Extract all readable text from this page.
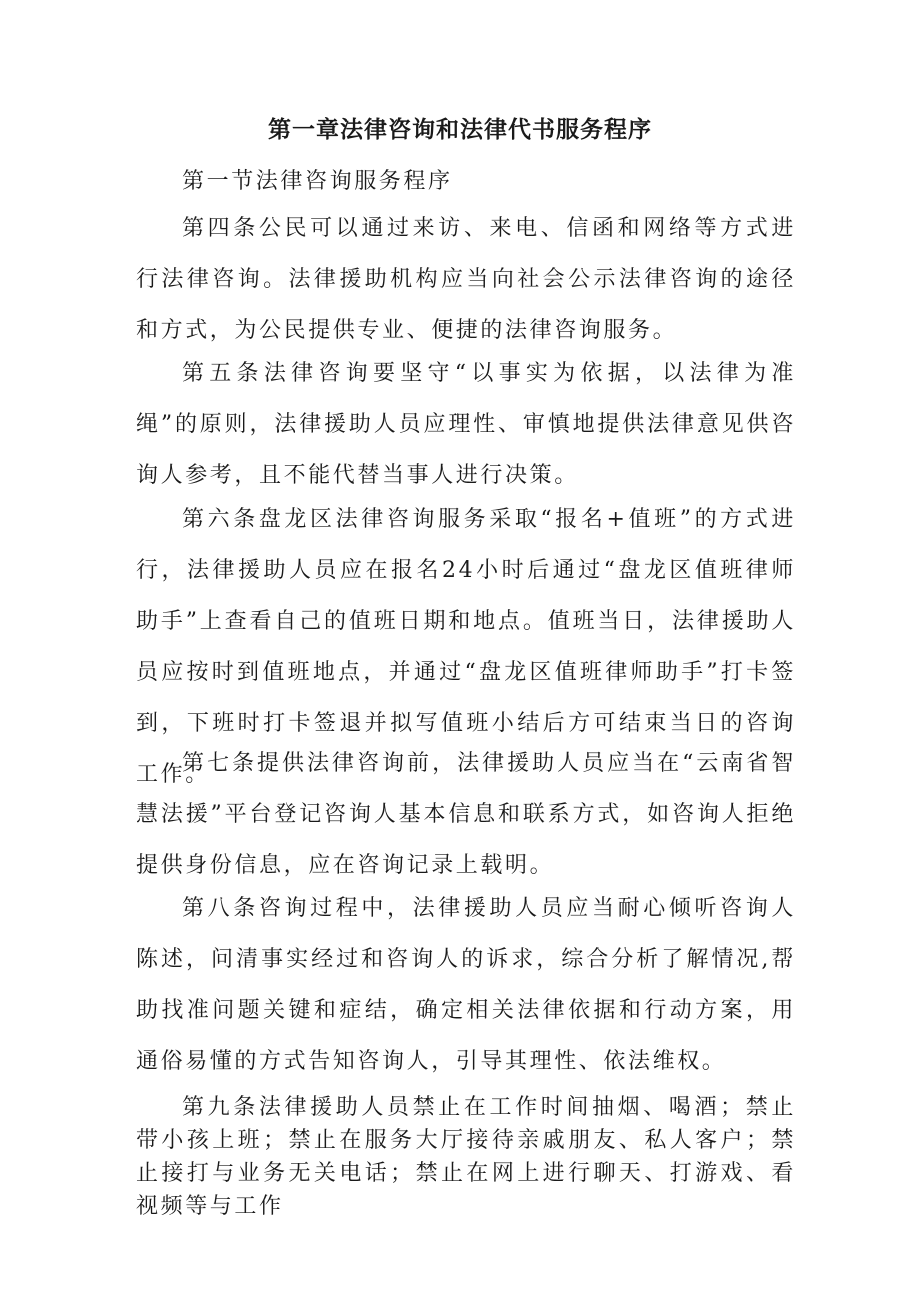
第一章法律咨询和法律代书服务程序

第一节法律咨询服务程序

第四条公民可以通过来访、来电、信函和网络等方式进行法律咨询。法律援助机构应当向社会公示法律咨询的途径和方式，为公民提供专业、便捷的法律咨询服务。

第五条法律咨询要坚守“以事实为依据，以法律为准绳”的原则，法律援助人员应理性、审慎地提供法律意见供咨询人参考，且不能代替当事人进行决策。

第六条盘龙区法律咨询服务采取“报名+值班”的方式进行，法律援助人员应在报名24小时后通过“盘龙区值班律师助手”上查看自己的值班日期和地点。值班当日，法律援助人员应按时到值班地点，并通过“盘龙区值班律师助手”打卡签到，下班时打卡签退并拟写值班小结后方可结束当日的咨询工作。

第七条提供法律咨询前，法律援助人员应当在“云南省智慧法援”平台登记咨询人基本信息和联系方式，如咨询人拒绝提供身份信息，应在咨询记录上载明。

第八条咨询过程中，法律援助人员应当耐心倾听咨询人陈述，问清事实经过和咨询人的诉求，综合分析了解情况,帮助找准问题关键和症结，确定相关法律依据和行动方案，用通俗易懂的方式告知咨询人，引导其理性、依法维权。

第九条法律援助人员禁止在工作时间抽烟、喝酒；禁止带小孩上班；禁止在服务大厅接待亲戚朋友、私人客户；禁止接打与业务无关电话；禁止在网上进行聊天、打游戏、看视频等与工作
